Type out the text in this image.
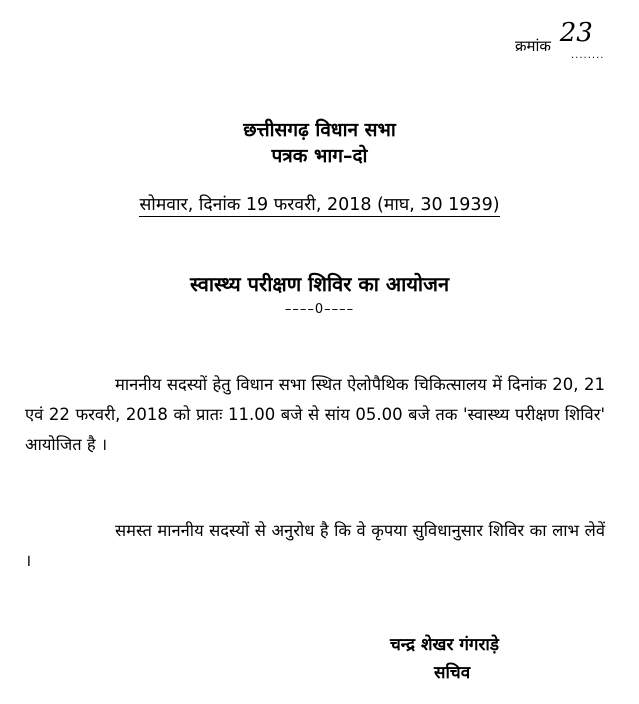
क्रमांक 23
........
छत्तीसगढ़ विधान सभा
पत्रक भाग–दो
सोमवार, दिनांक 19 फरवरी, 2018 (माघ, 30 1939)
स्वास्थ्य परीक्षण शिविर का आयोजन
––––0––––
माननीय सदस्यों हेतु विधान सभा स्थित ऐलोपैथिक चिकित्सालय में दिनांक 20, 21 एवं 22 फरवरी, 2018 को प्रातः 11.00 बजे से सांय 05.00 बजे तक 'स्वास्थ्य परीक्षण शिविर' आयोजित है ।
समस्त माननीय सदस्यों से अनुरोध है कि वे कृपया सुविधानुसार शिविर का लाभ लेवें ।
चन्द्र शेखर गंगराड़े
सचिव
